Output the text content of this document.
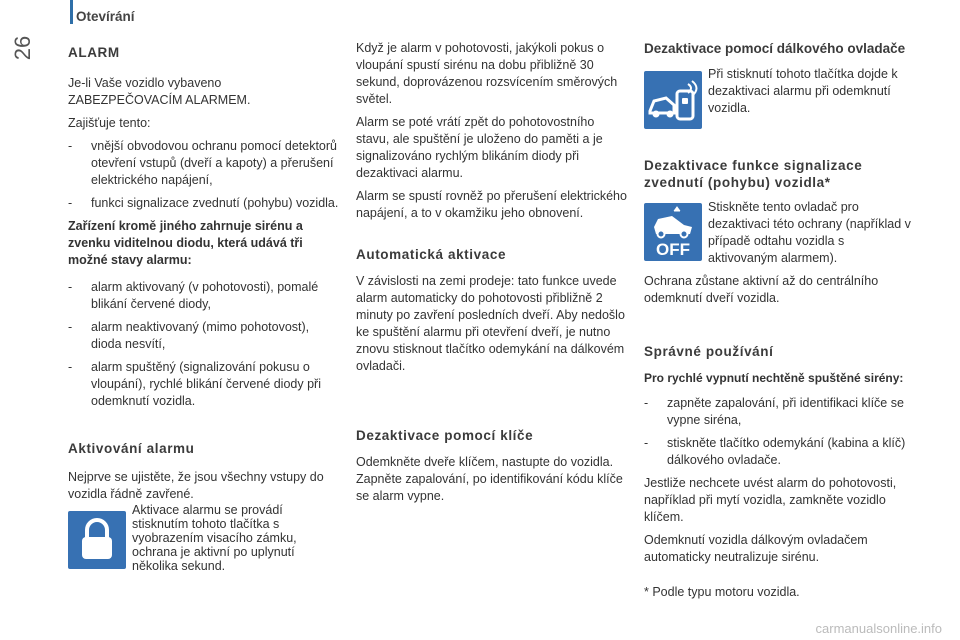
Otevírání
26	ALARM

Je-li Vaše vozidlo vybaveno

ZABEZPEČOVACÍM ALARMEM.

Zajišťuje tento:

- vnější obvodovou ochranu pomocí detektorů otevření vstupů (dveří a kapoty) a přerušení elektrického napájení,
- funkci signalizace zvednutí (pohybu) vozidla.

Zařízení kromě jiného zahrnuje sirénu a zvenku viditelnou diodu, která udává tři možné stavy alarmu:

- alarm aktivovaný (v pohotovosti), pomalé blikání červené diody,
- alarm neaktivovaný (mimo pohotovost), dioda nesvítí,
- alarm spuštěný (signalizování pokusu o vloupání), rychlé blikání červené diody při odemknutí vozidla.
Aktivování alarmu

Nejprve se ujistěte, že jsou všechny vstupy do vozidla řádně zavřené.

Aktivace alarmu se provádí stisknutím tohoto tlačítka s vyobrazením visacího zámku, ochrana je aktivní po uplynutí několika sekund.

Když je alarm v pohotovosti, jakýkoli pokus o vloupání spustí sirénu na dobu přibližně 30 sekund, doprovázenou rozsvícením směrových světel.

Alarm se poté vrátí zpět do pohotovostního stavu, ale spuštění je uloženo do paměti a je signalizováno rychlým blikáním diody při dezaktivaci alarmu.

Alarm se spustí rovněž po přerušení elektrického napájení, a to v okamžiku jeho obnovení.

Automatická aktivace

V závislosti na zemi prodeje: tato funkce uvede alarm automaticky do pohotovosti přibližně 2 minuty po zavření posledních dveří. Aby nedošlo ke spuštění alarmu při otevření dveří, je nutno znovu stisknout tlačítko odemykání na dálkovém ovladači.

Dezaktivace pomocí klíče

Odemkněte dveře klíčem, nastupte do vozidla. Zapněte zapalování, po identifikování kódu klíče se alarm vypne.

Dezaktivace pomocí dálkového ovladače
Při stisknutí tohoto tlačítka dojde k dezaktivaci alarmu při odemknutí vozidla.
Dezaktivace funkce signalizace zvednutí (pohybu) vozidla*
OFF
Stiskněte tento ovladač pro dezaktivaci této ochrany (například v případě odtahu vozidla s aktivovaným alarmem).

Ochrana zůstane aktivní až do centrálního odemknutí dveří vozidla.

Správné používání

Pro rychlé vypnutí nechtěně spuštěné sirény:

- zapněte zapalování, při identifikaci klíče se vypne siréna,
- stiskněte tlačítko odemykání (kabina a klíč) dálkového ovladače.

Jestliže nechcete uvést alarm do pohotovosti, například při mytí vozidla, zamkněte vozidlo klíčem.

Odemknutí vozidla dálkovým ovladačem automaticky neutralizuje sirénu.

* Podle typu motoru vozidla.

carmanualsonline.info
